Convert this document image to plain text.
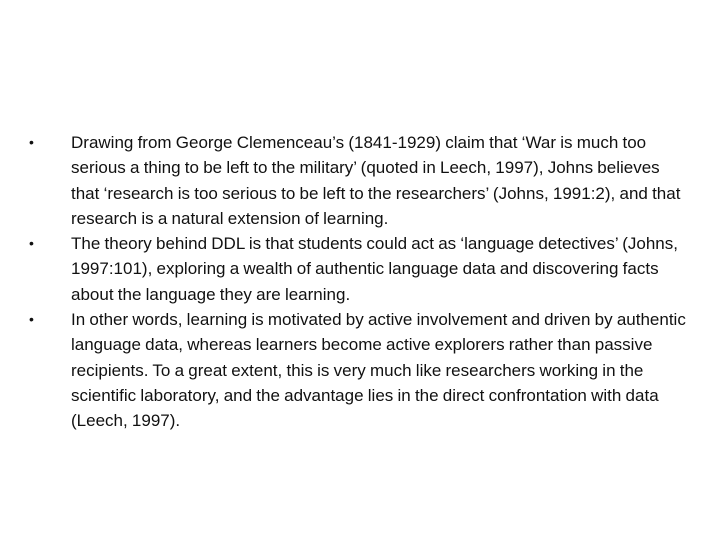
•	Drawing from George Clemenceau’s (1841-1929) claim that ‘War is much too serious a thing to be left to the military’ (quoted in Leech, 1997), Johns believes that ‘research is too serious to be left to the researchers’ (Johns, 1991:2), and that research is a natural extension of learning.
•	The theory behind DDL is that students could act as ‘language detectives’ (Johns, 1997:101), exploring a wealth of authentic language data and discovering facts about the language they are learning.
•	In other words, learning is motivated by active involvement and driven by authentic language data, whereas learners become active explorers rather than passive recipients. To a great extent, this is very much like researchers working in the scientific laboratory, and the advantage lies in the direct confrontation with data (Leech, 1997).
